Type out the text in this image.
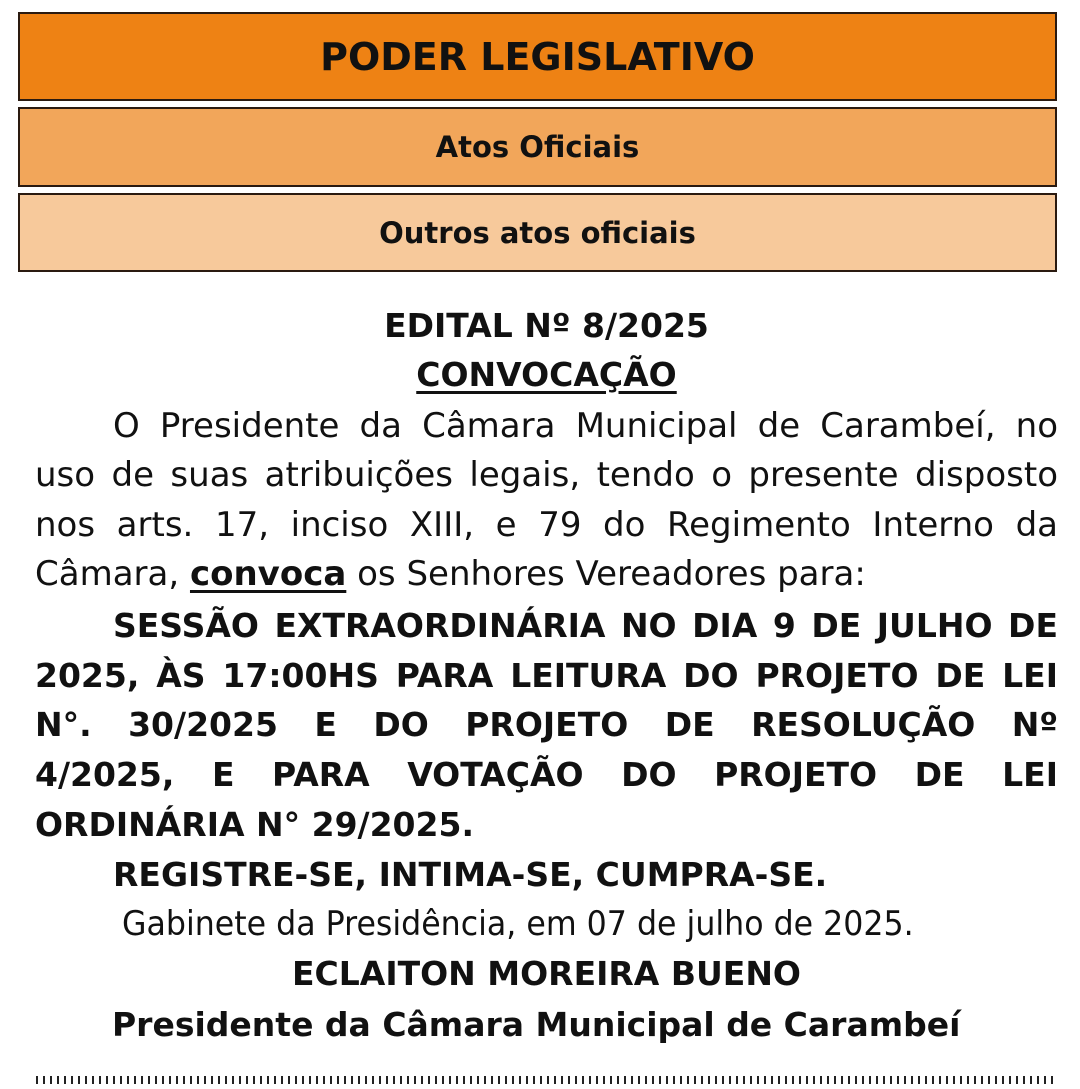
PODER LEGISLATIVO
Atos Oficiais
Outros atos oficiais
EDITAL Nº 8/2025
CONVOCAÇÃO
O Presidente da Câmara Municipal de Carambeí, no
uso de suas atribuições legais, tendo o presente disposto
nos arts. 17, inciso XIII, e 79 do Regimento Interno da
Câmara, convoca os Senhores Vereadores para:
SESSÃO EXTRAORDINÁRIA NO DIA 9 DE JULHO DE
2025, ÀS 17:00HS PARA LEITURA DO PROJETO DE LEI
N°. 30/2025 E DO PROJETO DE RESOLUÇÃO Nº
4/2025, E PARA VOTAÇÃO DO PROJETO DE LEI
ORDINÁRIA N° 29/2025.
REGISTRE-SE, INTIMA-SE, CUMPRA-SE.
Gabinete da Presidência, em 07 de julho de 2025.
ECLAITON MOREIRA BUENO
Presidente da Câmara Municipal de Carambeí
